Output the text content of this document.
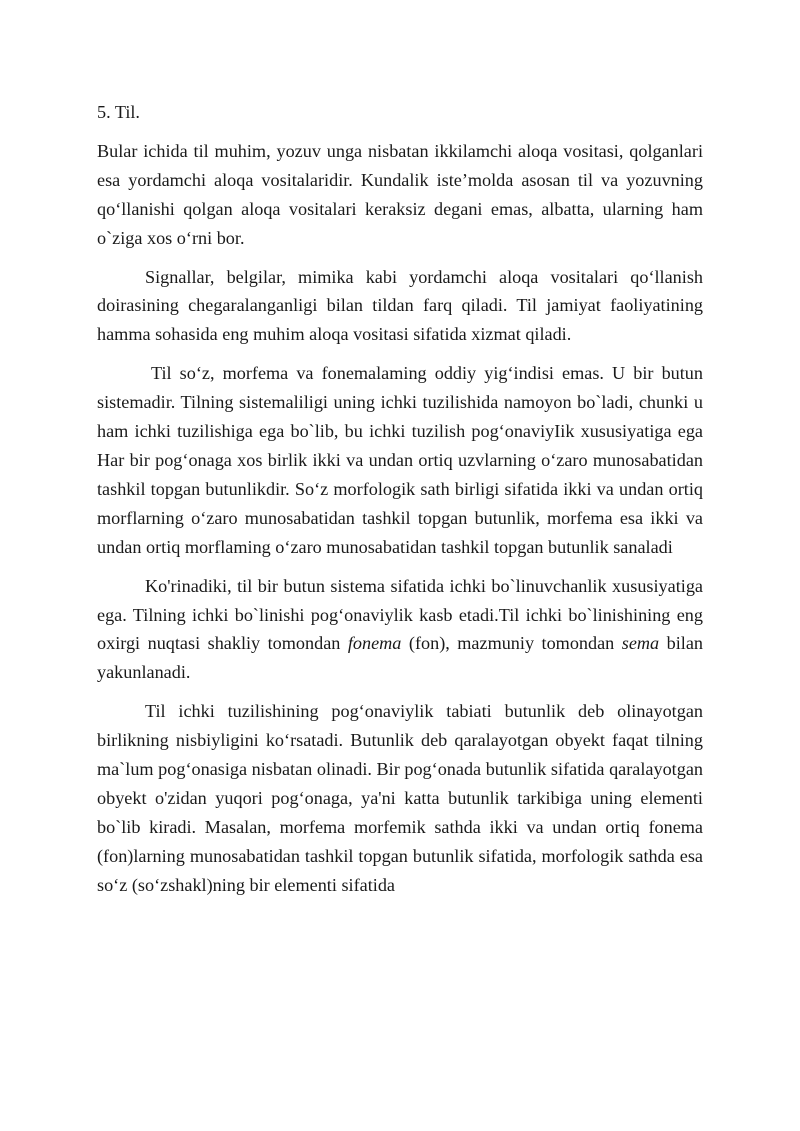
5. Til.

Bular ichida til muhim, yozuv unga nisbatan ikkilamchi aloqa vositasi, qolganlari esa yordamchi aloqa vositalaridir. Kundalik iste’molda asosan til va yozuvning qo‘llanishi qolgan aloqa vositalari keraksiz degani emas, albatta, ularning ham o`ziga xos o‘rni bor.

Signallar, belgilar, mimika kabi yordamchi aloqa vositalari qo‘llanish doirasining chegaralanganligi bilan tildan farq qiladi. Til jamiyat faoliyatining hamma sohasida eng muhim aloqa vositasi sifatida xizmat qiladi.

Til so‘z, morfema va fonemalaming oddiy yig‘indisi emas. U bir butun sistemadir. Tilning sistemaliligi uning ichki tuzilishida namoyon bo`ladi, chunki u ham ichki tuzilishiga ega bo`lib, bu ichki tuzilish pog‘onaviyIik xususiyatiga ega Har bir pog‘onaga xos birlik ikki va undan ortiq uzvlarning o‘zaro munosabatidan tashkil topgan butunlikdir. So‘z morfologik sath birligi sifatida ikki va undan ortiq morflarning o‘zaro munosabatidan tashkil topgan butunlik, morfema esa ikki va undan ortiq morflaming o‘zaro munosabatidan tashkil topgan butunlik sanaladi

Ko'rinadiki, til bir butun sistema sifatida ichki bo`linuvchanlik xususiyatiga ega. Tilning ichki bo`linishi pog‘onaviylik kasb etadi.Til ichki bo`linishining eng oxirgi nuqtasi shakliy tomondan fonema (fon), mazmuniy tomondan sema bilan yakunlanadi.

Til ichki tuzilishining pog‘onaviylik tabiati butunlik deb olinayotgan birlikning nisbiyligini ko‘rsatadi. Butunlik deb qaralayotgan obyekt faqat tilning ma`lum pog‘onasiga nisbatan olinadi. Bir pog‘onada butunlik sifatida qaralayotgan obyekt o'zidan yuqori pog‘onaga, ya'ni katta butunlik tarkibiga uning elementi bo`lib kiradi. Masalan, morfema morfemik sathda ikki va undan ortiq fonema (fon)larning munosabatidan tashkil topgan butunlik sifatida, morfologik sathda esa so‘z (so‘zshakl)ning bir elementi sifatida
